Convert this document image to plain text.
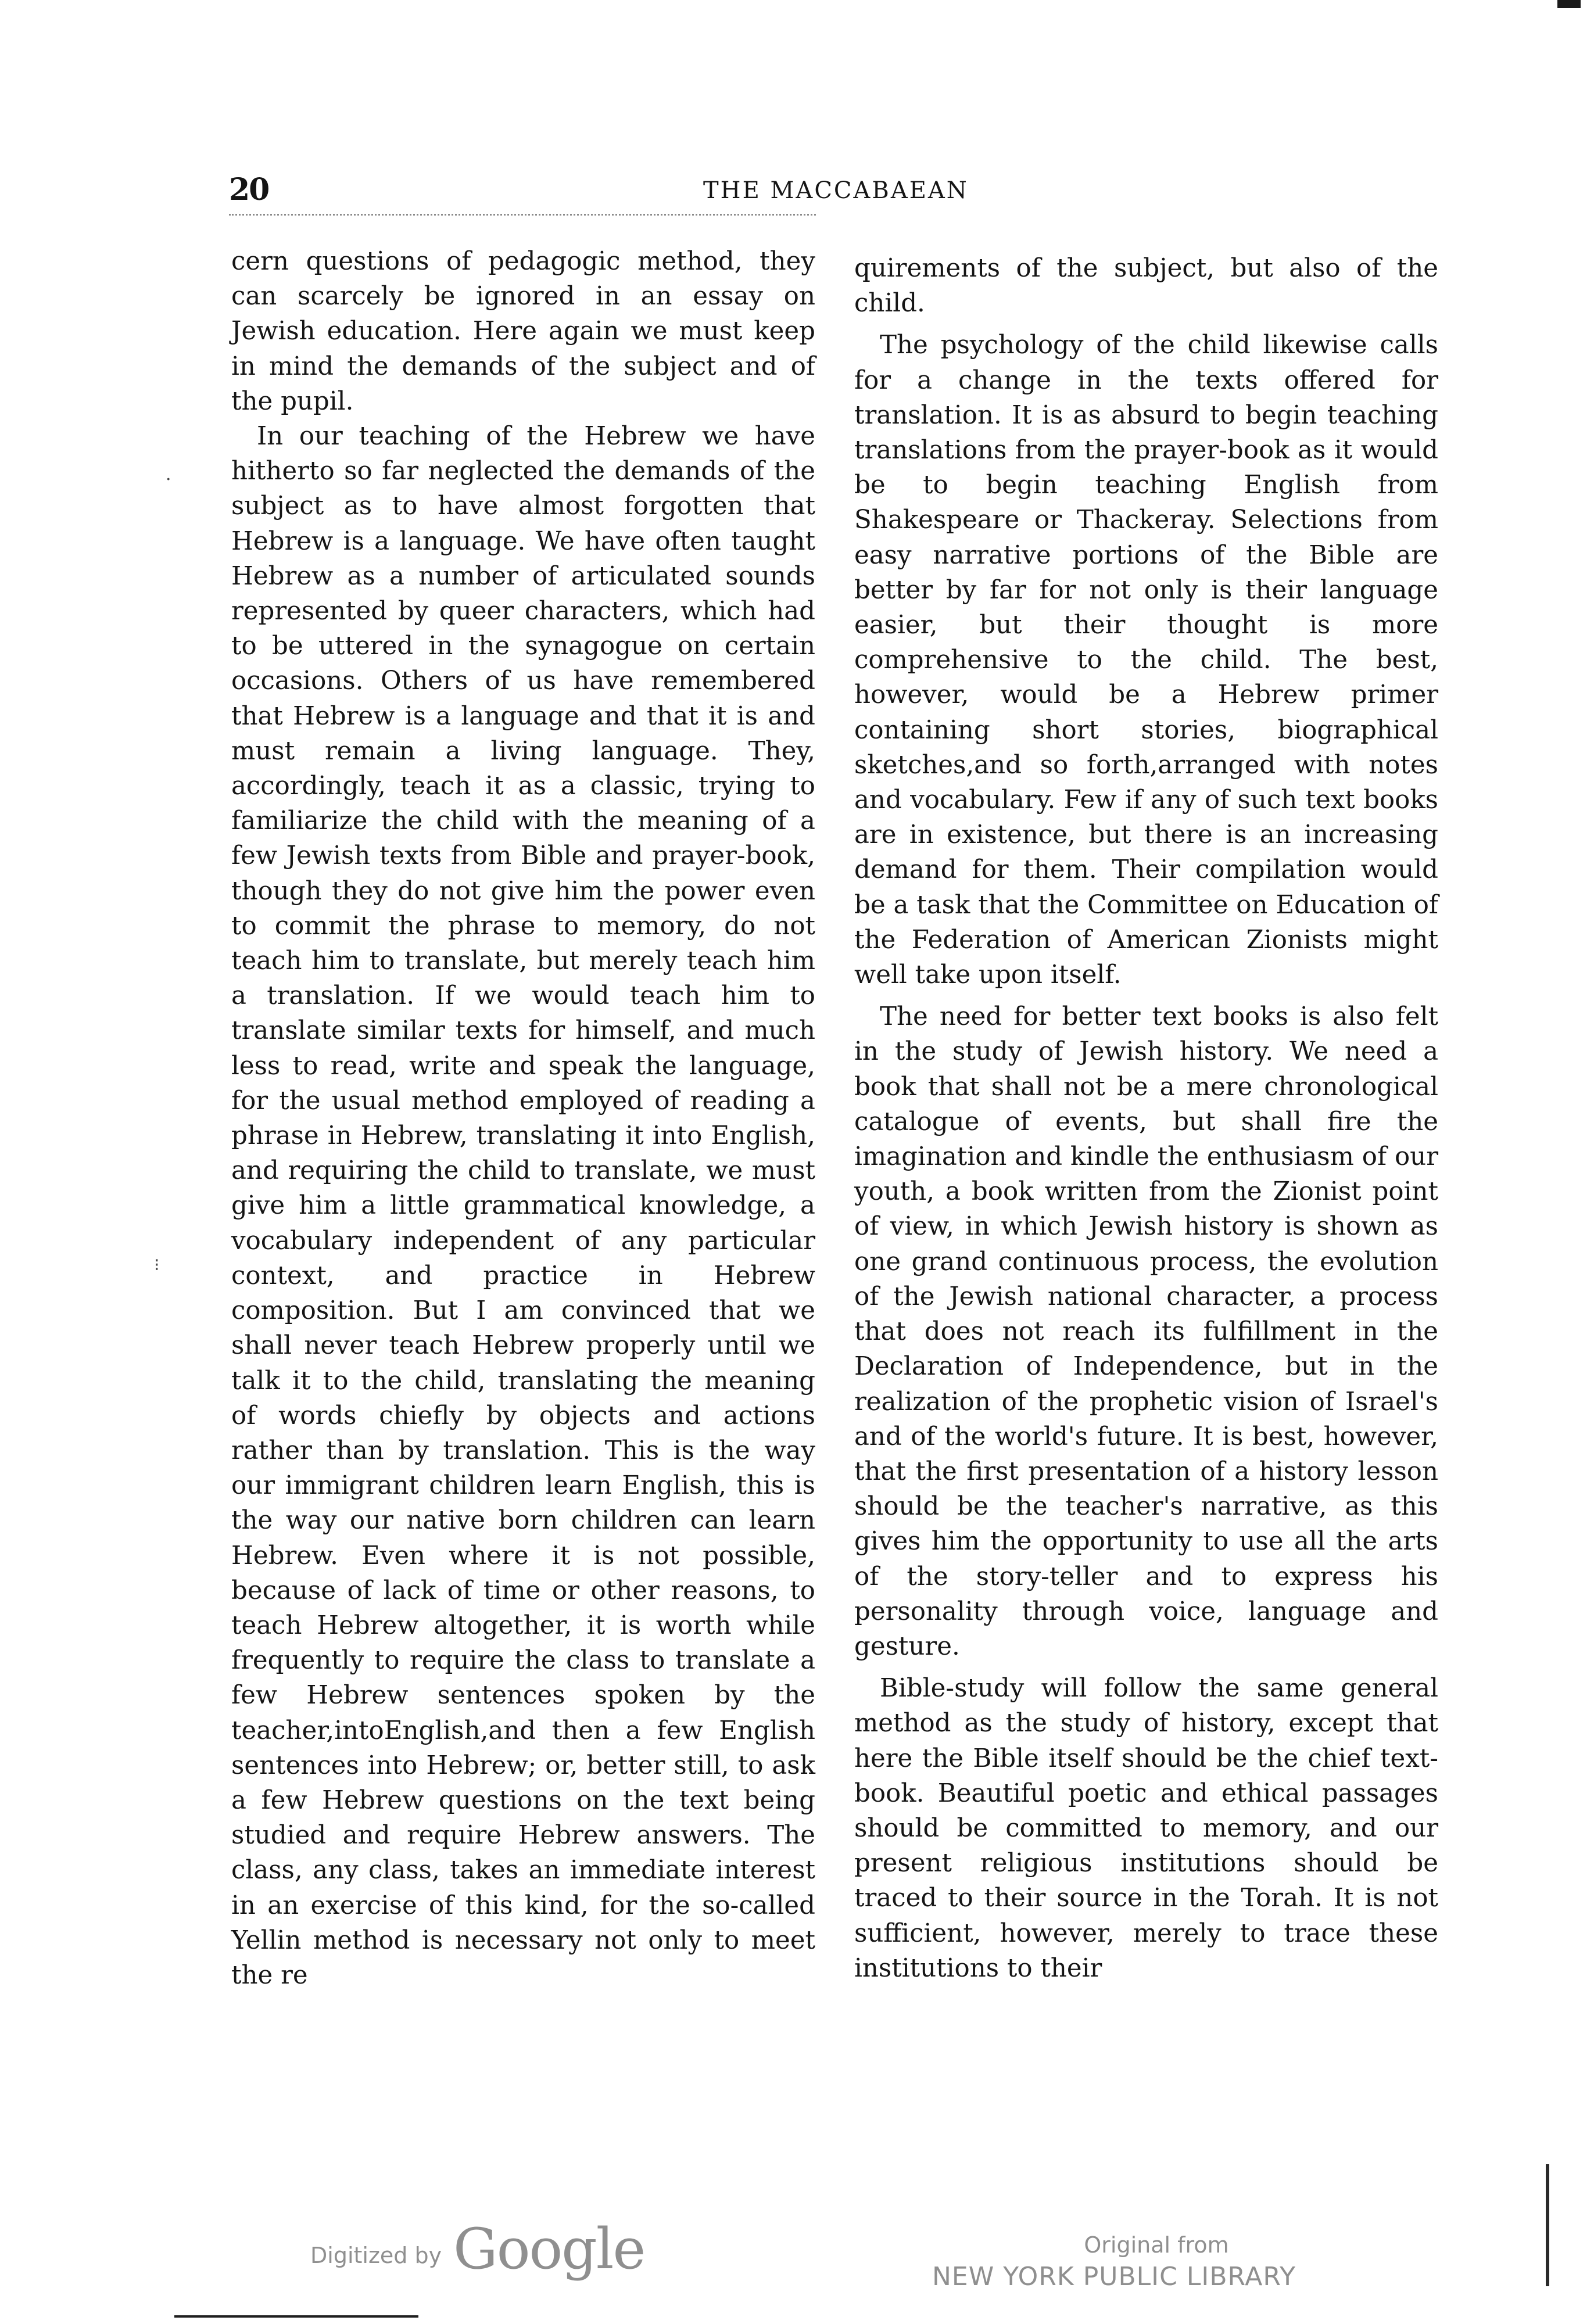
20	THE MACCABAEAN

cern questions of pedagogic method, they can scarcely be ignored in an essay on Jewish education. Here again we must keep in mind the demands of the subject and of the pupil.

In our teaching of the Hebrew we have hitherto so far neglected the demands of the subject as to have almost forgotten that Hebrew is a language. We have often taught Hebrew as a number of articulated sounds represented by queer characters, which had to be uttered in the synagogue on certain occasions. Others of us have remembered that Hebrew is a language and that it is and must remain a living language. They, accordingly, teach it as a classic, trying to familiarize the child with the meaning of a few Jewish texts from Bible and prayer-book, though they do not give him the power even to commit the phrase to memory, do not teach him to translate, but merely teach him a translation. If we would teach him to translate similar texts for himself, and much less to read, write and speak the language, for the usual method employed of reading a phrase in Hebrew, translating it into English, and requiring the child to translate, we must give him a little grammatical knowledge, a vocabulary independent of any particular context, and practice in Hebrew composition. But I am convinced that we shall never teach Hebrew properly until we talk it to the child, translating the meaning of words chiefly by objects and actions rather than by translation. This is the way our immigrant children learn English, this is the way our native born children can learn Hebrew. Even where it is not possible, because of lack of time or other reasons, to teach Hebrew altogether, it is worth while frequently to require the class to translate a few Hebrew sentences spoken by the teacher,intoEnglish,and then a few English sentences into Hebrew; or, better still, to ask a few Hebrew questions on the text being studied and require Hebrew answers. The class, any class, takes an immediate interest in an exercise of this kind, for the so-called Yellin method is necessary not only to meet the re

quirements of the subject, but also of the child.

The psychology of the child likewise calls for a change in the texts offered for translation. It is as absurd to begin teaching translations from the prayer-book as it would be to begin teaching English from Shakespeare or Thackeray. Selections from easy narrative portions of the Bible are better by far for not only is their language easier, but their thought is more comprehensive to the child. The best, however, would be a Hebrew primer containing short stories, biographical sketches,and so forth,arranged with notes and vocabulary. Few if any of such text books are in existence, but there is an increasing demand for them. Their compilation would be a task that the Committee on Education of the Federation of American Zionists might well take upon itself.

The need for better text books is also felt in the study of Jewish history. We need a book that shall not be a mere chronological catalogue of events, but shall fire the imagination and kindle the enthusiasm of our youth, a book written from the Zionist point of view, in which Jewish history is shown as one grand continuous process, the evolution of the Jewish national character, a process that does not reach its fulfillment in the Declaration of Independence, but in the realization of the prophetic vision of Israel's and of the world's future. It is best, however, that the first presentation of a history lesson should be the teacher's narrative, as this gives him the opportunity to use all the arts of the story-teller and to express his personality through voice, language and gesture.

Bible-study will follow the same general method as the study of history, except that here the Bible itself should be the chief text-book. Beautiful poetic and ethical passages should be committed to memory, and our present religious institutions should be traced to their source in the Torah. It is not sufficient, however, merely to trace these institutions to their

·
⁝
Digitized by Google	Original from
NEW YORK PUBLIC LIBRARY
